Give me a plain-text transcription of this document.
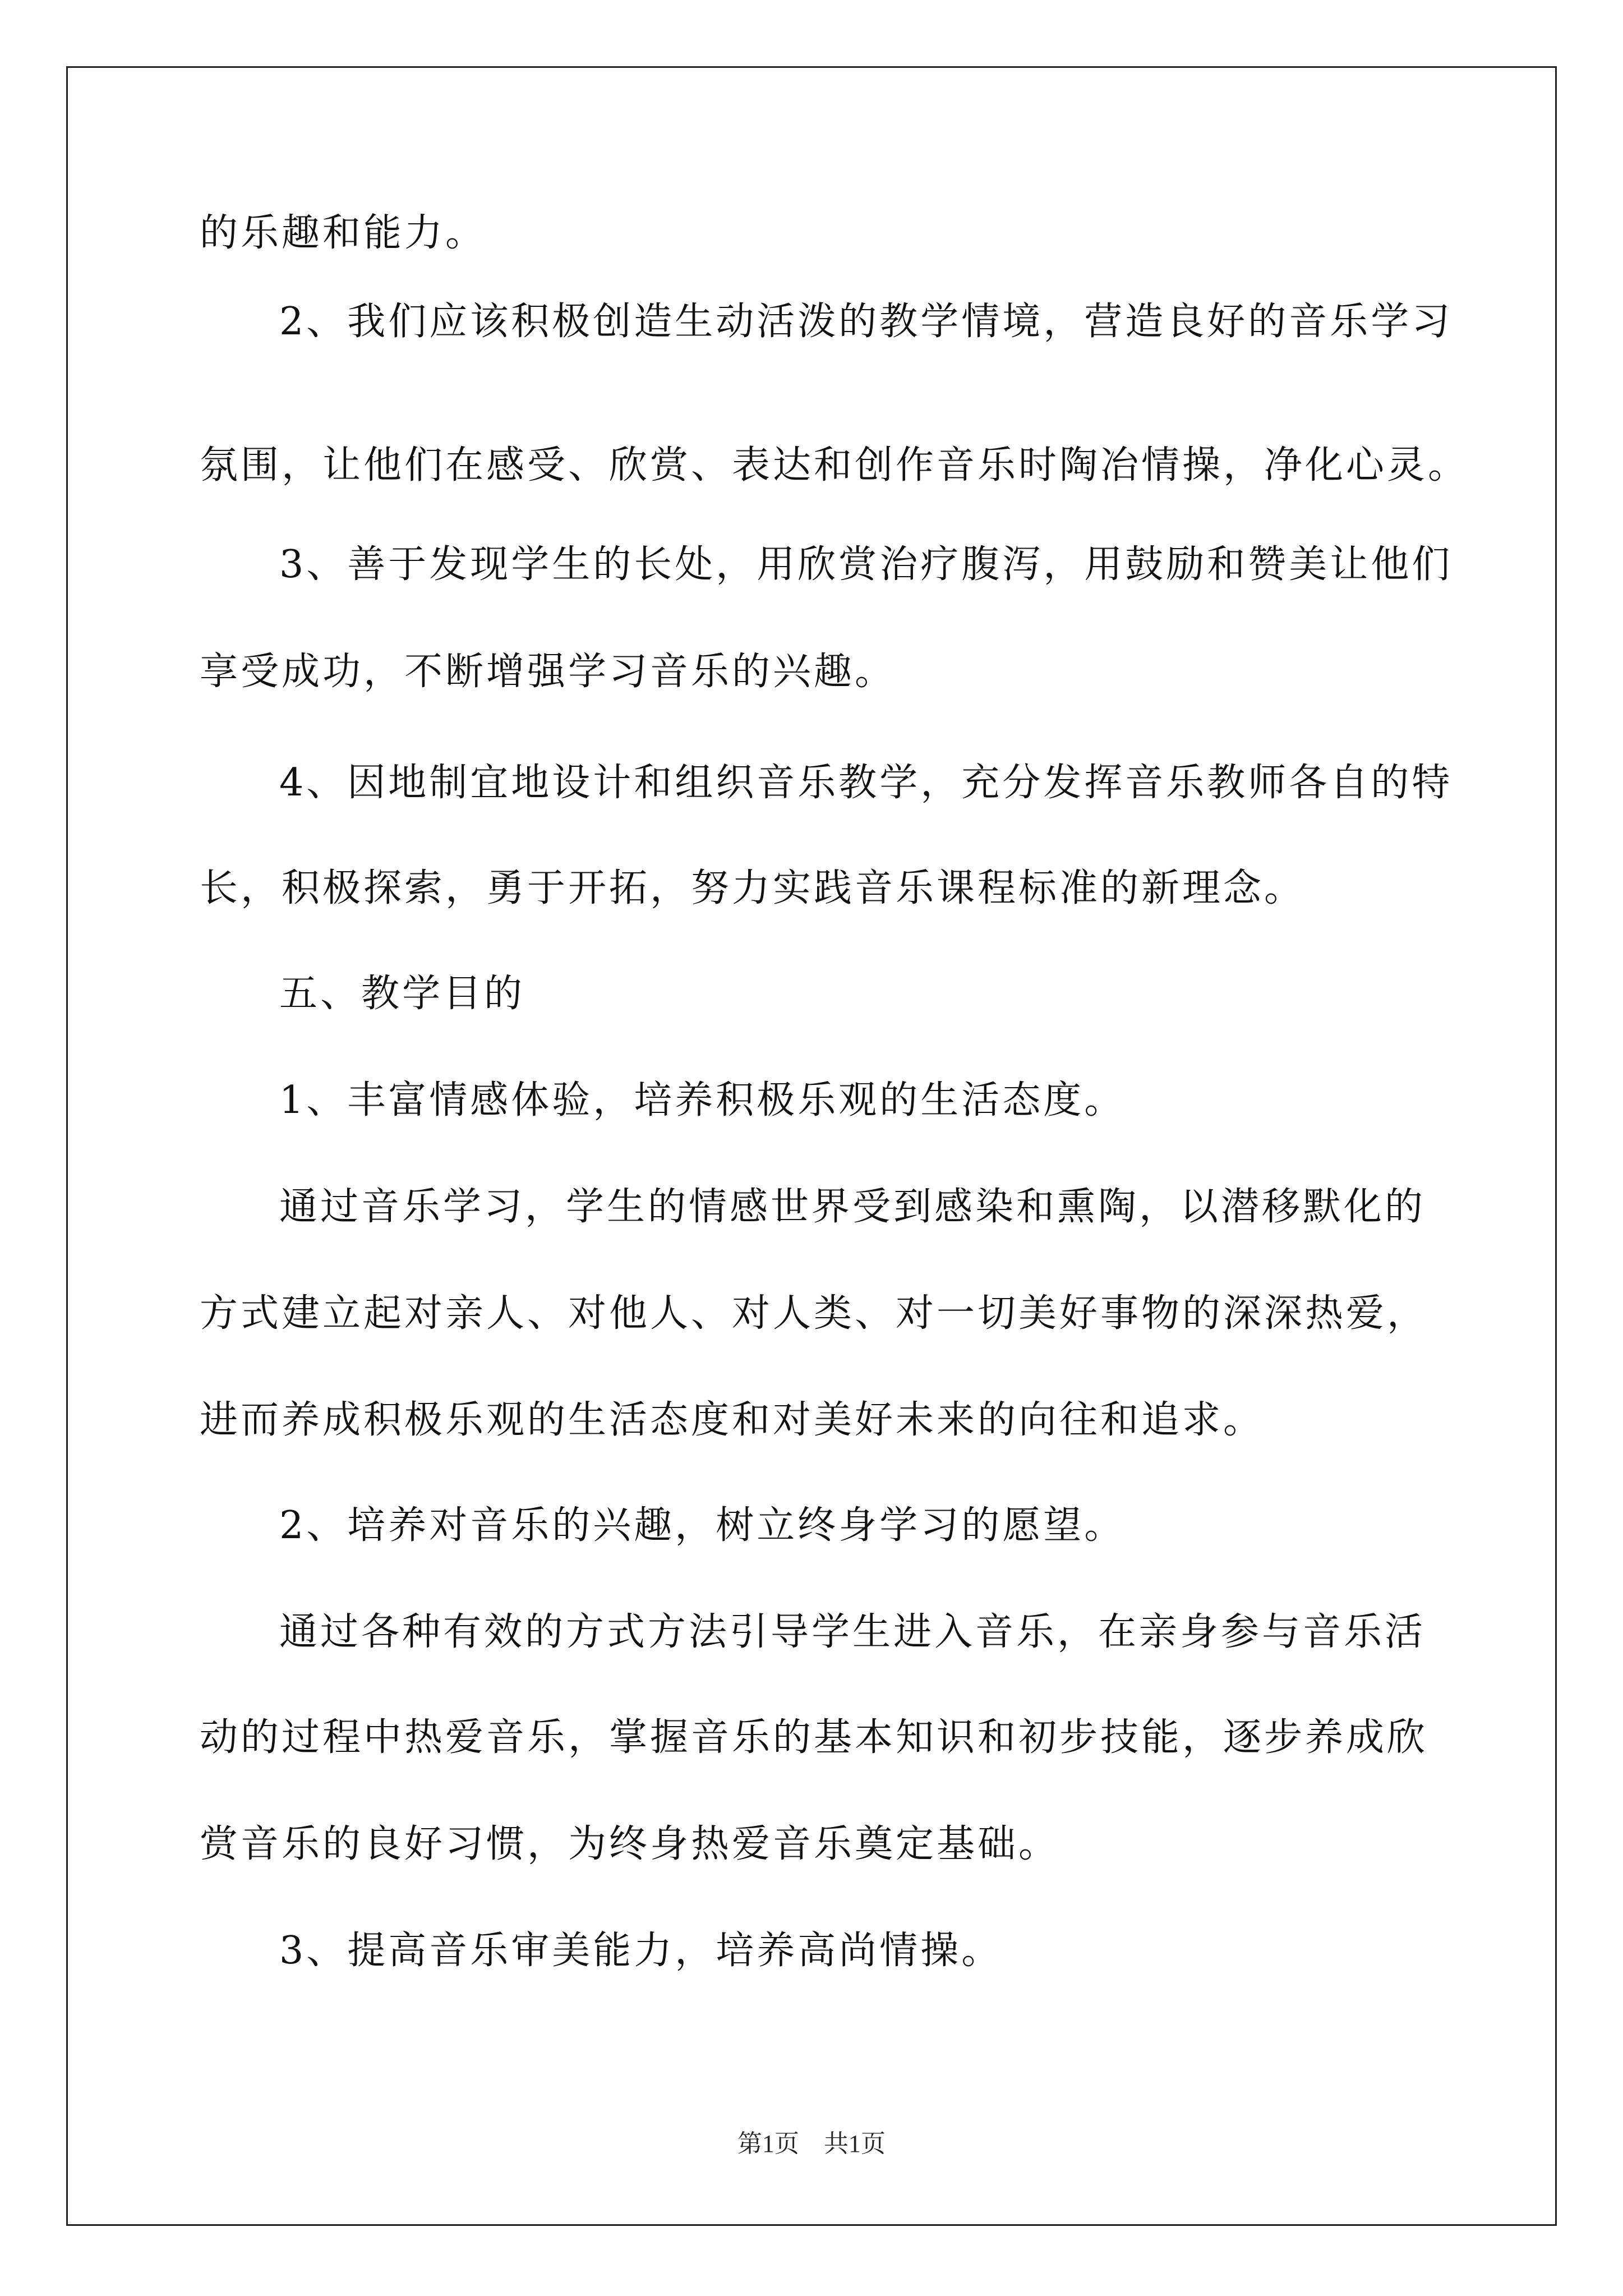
的乐趣和能力。
2、我们应该积极创造生动活泼的教学情境，营造良好的音乐学习
氛围，让他们在感受、欣赏、表达和创作音乐时陶冶情操，净化心灵。
3、善于发现学生的长处，用欣赏治疗腹泻，用鼓励和赞美让他们
享受成功，不断增强学习音乐的兴趣。
4、因地制宜地设计和组织音乐教学，充分发挥音乐教师各自的特
长，积极探索，勇于开拓，努力实践音乐课程标准的新理念。
五、教学目的
1、丰富情感体验，培养积极乐观的生活态度。
通过音乐学习，学生的情感世界受到感染和熏陶，以潜移默化的
方式建立起对亲人、对他人、对人类、对一切美好事物的深深热爱，
进而养成积极乐观的生活态度和对美好未来的向往和追求。
2、培养对音乐的兴趣，树立终身学习的愿望。
通过各种有效的方式方法引导学生进入音乐，在亲身参与音乐活
动的过程中热爱音乐，掌握音乐的基本知识和初步技能，逐步养成欣
赏音乐的良好习惯，为终身热爱音乐奠定基础。
3、提高音乐审美能力，培养高尚情操。
第1页　共1页
